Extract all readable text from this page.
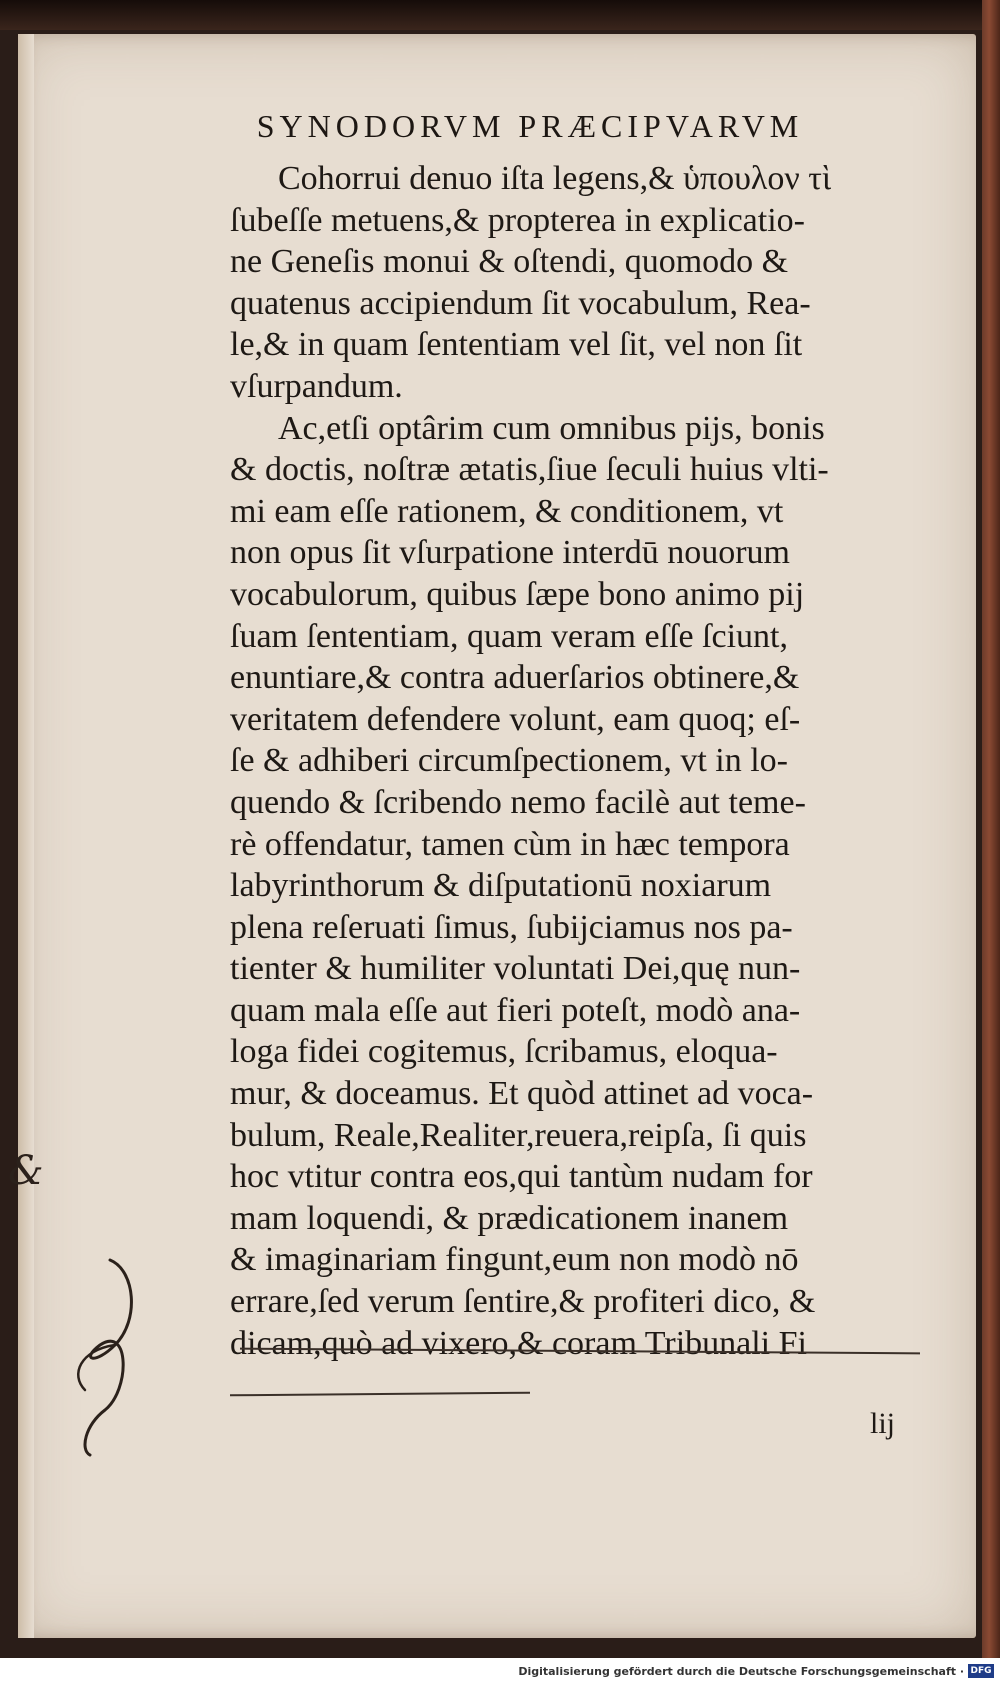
SYNODORVM PRÆCIPVARVM
Cohorrui denuo iſta legens,& ὑπουλον τὶ
ſubeſſe metuens,& propterea in explicatio-
ne Geneſis monui & oſtendi, quomodo &
quatenus accipiendum ſit vocabulum, Rea-
le,& in quam ſententiam vel ſit, vel non ſit
vſurpandum.
Ac,etſi optârim cum omnibus pijs, bonis
& doctis, noſtræ ætatis,ſiue ſeculi huius vlti-
mi eam eſſe rationem, & conditionem, vt
non opus ſit vſurpatione interdū nouorum
vocabulorum, quibus ſæpe bono animo pij
ſuam ſententiam, quam veram eſſe ſciunt,
enuntiare,& contra aduerſarios obtinere,&
veritatem defendere volunt, eam quoq; eſ-
ſe & adhiberi circumſpectionem, vt in lo-
quendo & ſcribendo nemo facilè aut teme-
rè offendatur, tamen cùm in hæc tempora
labyrinthorum & diſputationū noxiarum
plena reſeruati ſimus, ſubijciamus nos pa-
tienter & humiliter voluntati Dei,quę nun-
quam mala eſſe aut fieri poteſt, modò ana-
loga fidei cogitemus, ſcribamus, eloqua-
mur, & doceamus. Et quòd attinet ad voca-
bulum, Reale,Realiter,reuera,reipſa, ſi quis
hoc vtitur contra eos,qui tantùm nudam for
mam loquendi, & prædicationem inanem
& imaginariam fingunt,eum non modò nō
errare,ſed verum ſentire,& profiteri dico, &
dicam,quò ad vixero,& coram Tribunali Fi
lij
&
Digitalisierung gefördert durch die Deutsche Forschungsgemeinschaft · DFG
